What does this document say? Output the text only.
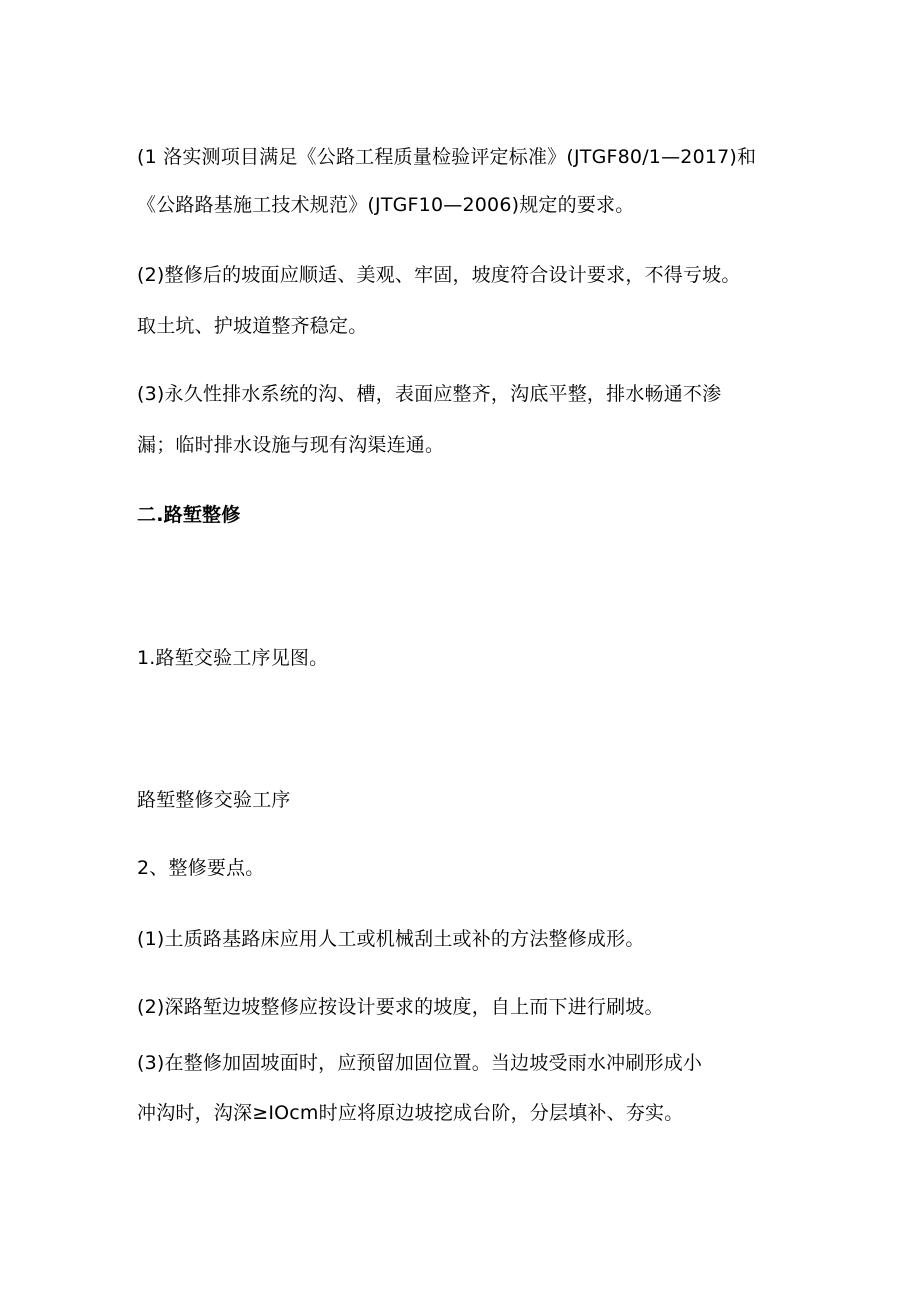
(1 洛实测项目满足《公路工程质量检验评定标准》(JTGF80/1—2017)和
《公路路基施工技术规范》(JTGF10—2006)规定的要求。
(2)整修后的坡面应顺适、美观、牢固，坡度符合设计要求，不得亏坡。
取土坑、护坡道整齐稳定。
(3)永久性排水系统的沟、槽，表面应整齐，沟底平整，排水畅通不渗
漏；临时排水设施与现有沟渠连通。
二.路堑整修
1.路堑交验工序见图。
路堑整修交验工序
2、整修要点。
(1)土质路基路床应用人工或机械刮土或补的方法整修成形。
(2)深路堑边坡整修应按设计要求的坡度，自上而下进行刷坡。
(3)在整修加固坡面时，应预留加固位置。当边坡受雨水冲刷形成小
冲沟时，沟深≥IOcm时应将原边坡挖成台阶，分层填补、夯实。
